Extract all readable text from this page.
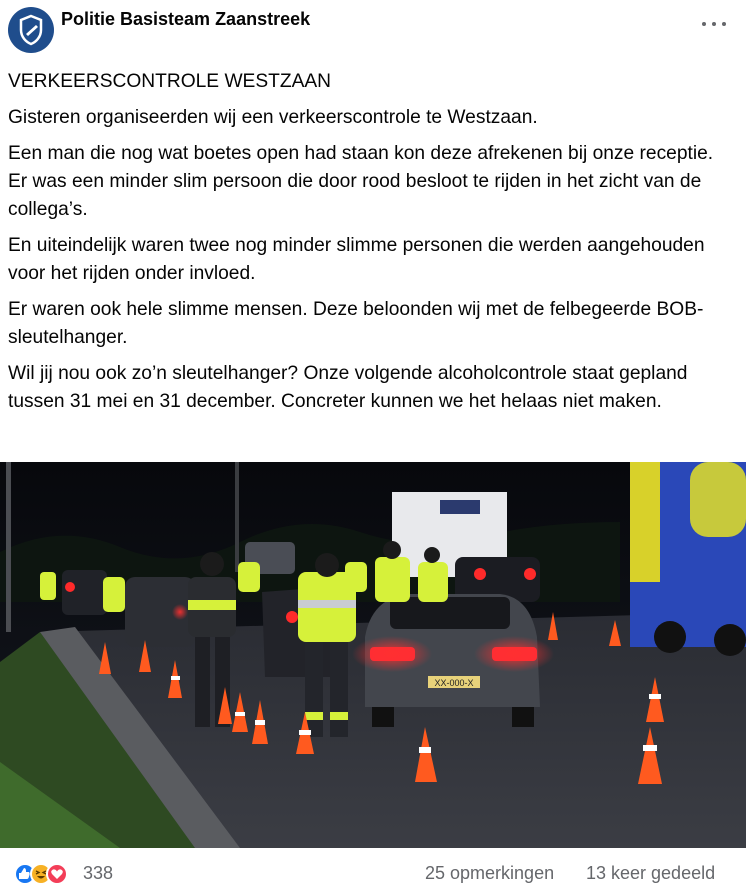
Politie Basisteam Zaanstreek

VERKEERSCONTROLE WESTZAAN

Gisteren organiseerden wij een verkeerscontrole te Westzaan.

Een man die nog wat boetes open had staan kon deze afrekenen bij onze receptie. Er was een minder slim persoon die door rood besloot te rijden in het zicht van de collega’s.

En uiteindelijk waren twee nog minder slimme personen die werden aangehouden voor het rijden onder invloed.

Er waren ook hele slimme mensen. Deze beloonden wij met de felbegeerde BOB-sleutelhanger.

Wil jij nou ook zo’n sleutelhanger? Onze volgende alcoholcontrole staat gepland tussen 31 mei en 31 december. Concreter kunnen we het helaas niet maken.

XX-000-X
338	25 opmerkingen 13 keer gedeeld
